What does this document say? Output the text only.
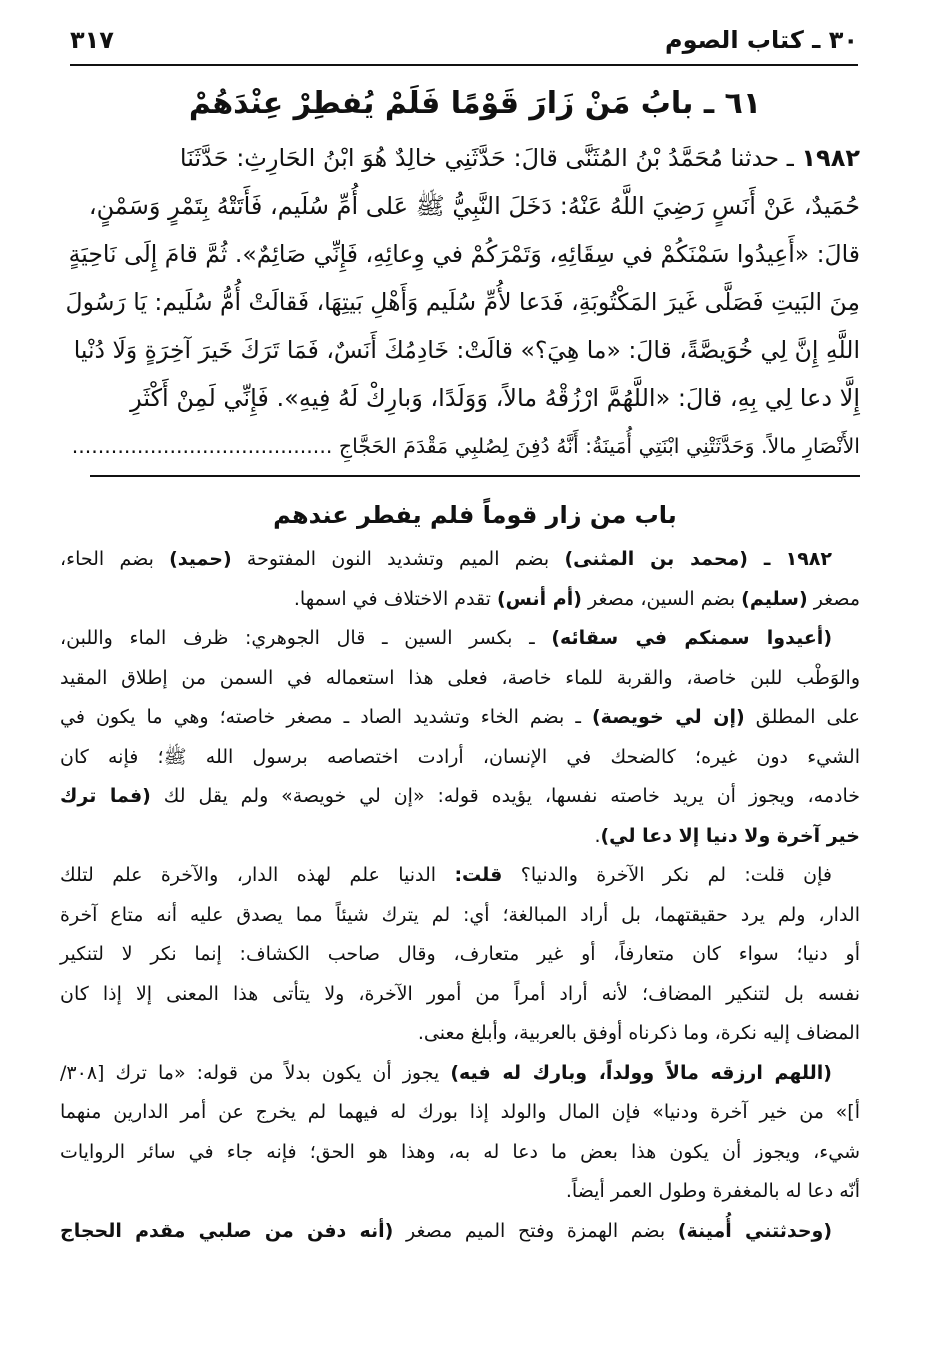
٣٠ ـ كتاب الصوم
٣١٧
٦١ ـ بابُ مَنْ زَارَ قَوْمًا فَلَمْ يُفطِرْ عِنْدَهُمْ

١٩٨٢ ـ حدثنا مُحَمَّدُ بْنُ المُثَنَّى قالَ: حَدَّثَنِي خالِدٌ هُوَ ابْنُ الحَارِثِ: حَدَّثَنَا

حُمَيدٌ، عَنْ أَنَسٍ رَضِيَ اللَّهُ عَنْهُ: دَخَلَ النَّبِيُّ ﷺ عَلى أُمِّ سُلَيم، فَأَتَتْهُ بِتَمْرٍ وَسَمْنٍ،

قالَ: «أَعِيدُوا سَمْنَكُمْ في سِقَائِهِ، وَتَمْرَكُمْ في وِعائِهِ، فَإِنِّي صَائِمٌ». ثُمَّ قامَ إِلَى نَاحِيَةٍ

مِنَ البَيتِ فَصَلَّى غَيرَ المَكْتُوبَةِ، فَدَعا لأُمِّ سُلَيم وَأَهْلِ بَيتِهَا، فَقالَتْ أُمُّ سُلَيم: يَا رَسُولَ

اللَّهِ إِنَّ لِي خُوَيصَّةً، قالَ: «ما هِيَ؟» قالَتْ: خَادِمُكَ أَنَسٌ، فَمَا تَرَكَ خَيرَ آخِرَةٍ وَلَا دُنْيا

إِلَّا دعا لِي بِهِ، قالَ: «اللَّهُمَّ ارْزُقْهُ مالاً، وَوَلَدًا، وَبارِكْ لَهُ فِيهِ». فَإِنِّي لَمِنْ أَكْثَرِ

الأَنْصَارِ مالاً. وَحَدَّثَتْنِي ابْنَتِي أُمَينَةُ: أَنَّهُ دُفِنَ لِصُلبِي مَقْدَمَ الحَجَّاجِ ........................................

باب من زار قوماً فلم يفطر عندهم
١٩٨٢ ـ (محمد بن المثنى) بضم الميم وتشديد النون المفتوحة (حميد) بضم الحاء،
مصغر (سليم) بضم السين، مصغر (أم أنس) تقدم الاختلاف في اسمها.
(أعيدوا سمنكم في سقائه) ـ بكسر السين ـ قال الجوهري: ظرف الماء واللبن،
والوَطْب للبن خاصة، والقربة للماء خاصة، فعلى هذا استعماله في السمن من إطلاق المقيد
على المطلق (إن لي خويصة) ـ بضم الخاء وتشديد الصاد ـ مصغر خاصته؛ وهي ما يكون في
الشيء دون غيره؛ كالضحك في الإنسان، أرادت اختصاصه برسول الله ﷺ؛ فإنه كان
خادمه، ويجوز أن يريد خاصته نفسها، يؤيده قوله: «إن لي خويصة» ولم يقل لك (فما ترك
خير آخرة ولا دنيا إلا دعا لي).
فإن قلت: لم نكر الآخرة والدنيا؟ قلت: الدنيا علم لهذه الدار، والآخرة علم لتلك
الدار، ولم يرد حقيقتهما، بل أراد المبالغة؛ أي: لم يترك شيئاً مما يصدق عليه أنه متاع آخرة
أو دنيا؛ سواء كان متعارفاً، أو غير متعارف، وقال صاحب الكشاف: إنما نكر لا لتنكير
نفسه بل لتنكير المضاف؛ لأنه أراد أمراً من أمور الآخرة، ولا يتأتى هذا المعنى إلا إذا كان
المضاف إليه نكرة، وما ذكرناه أوفق بالعربية، وأبلغ معنى.
(اللهم ارزقه مالاً وولداً، وبارك له فيه) يجوز أن يكون بدلاً من قوله: «ما ترك [٣٠٨/
أ]» من خير آخرة ودنيا» فإن المال والولد إذا بورك له فيهما لم يخرج عن أمر الدارين منهما
شيء، ويجوز أن يكون هذا بعض ما دعا له به، وهذا هو الحق؛ فإنه جاء في سائر الروايات
أنّه دعا له بالمغفرة وطول العمر أيضاً.
(وحدثتني أُمينة) بضم الهمزة وفتح الميم مصغر (أنه دفن من صلبي مقدم الحجاج
